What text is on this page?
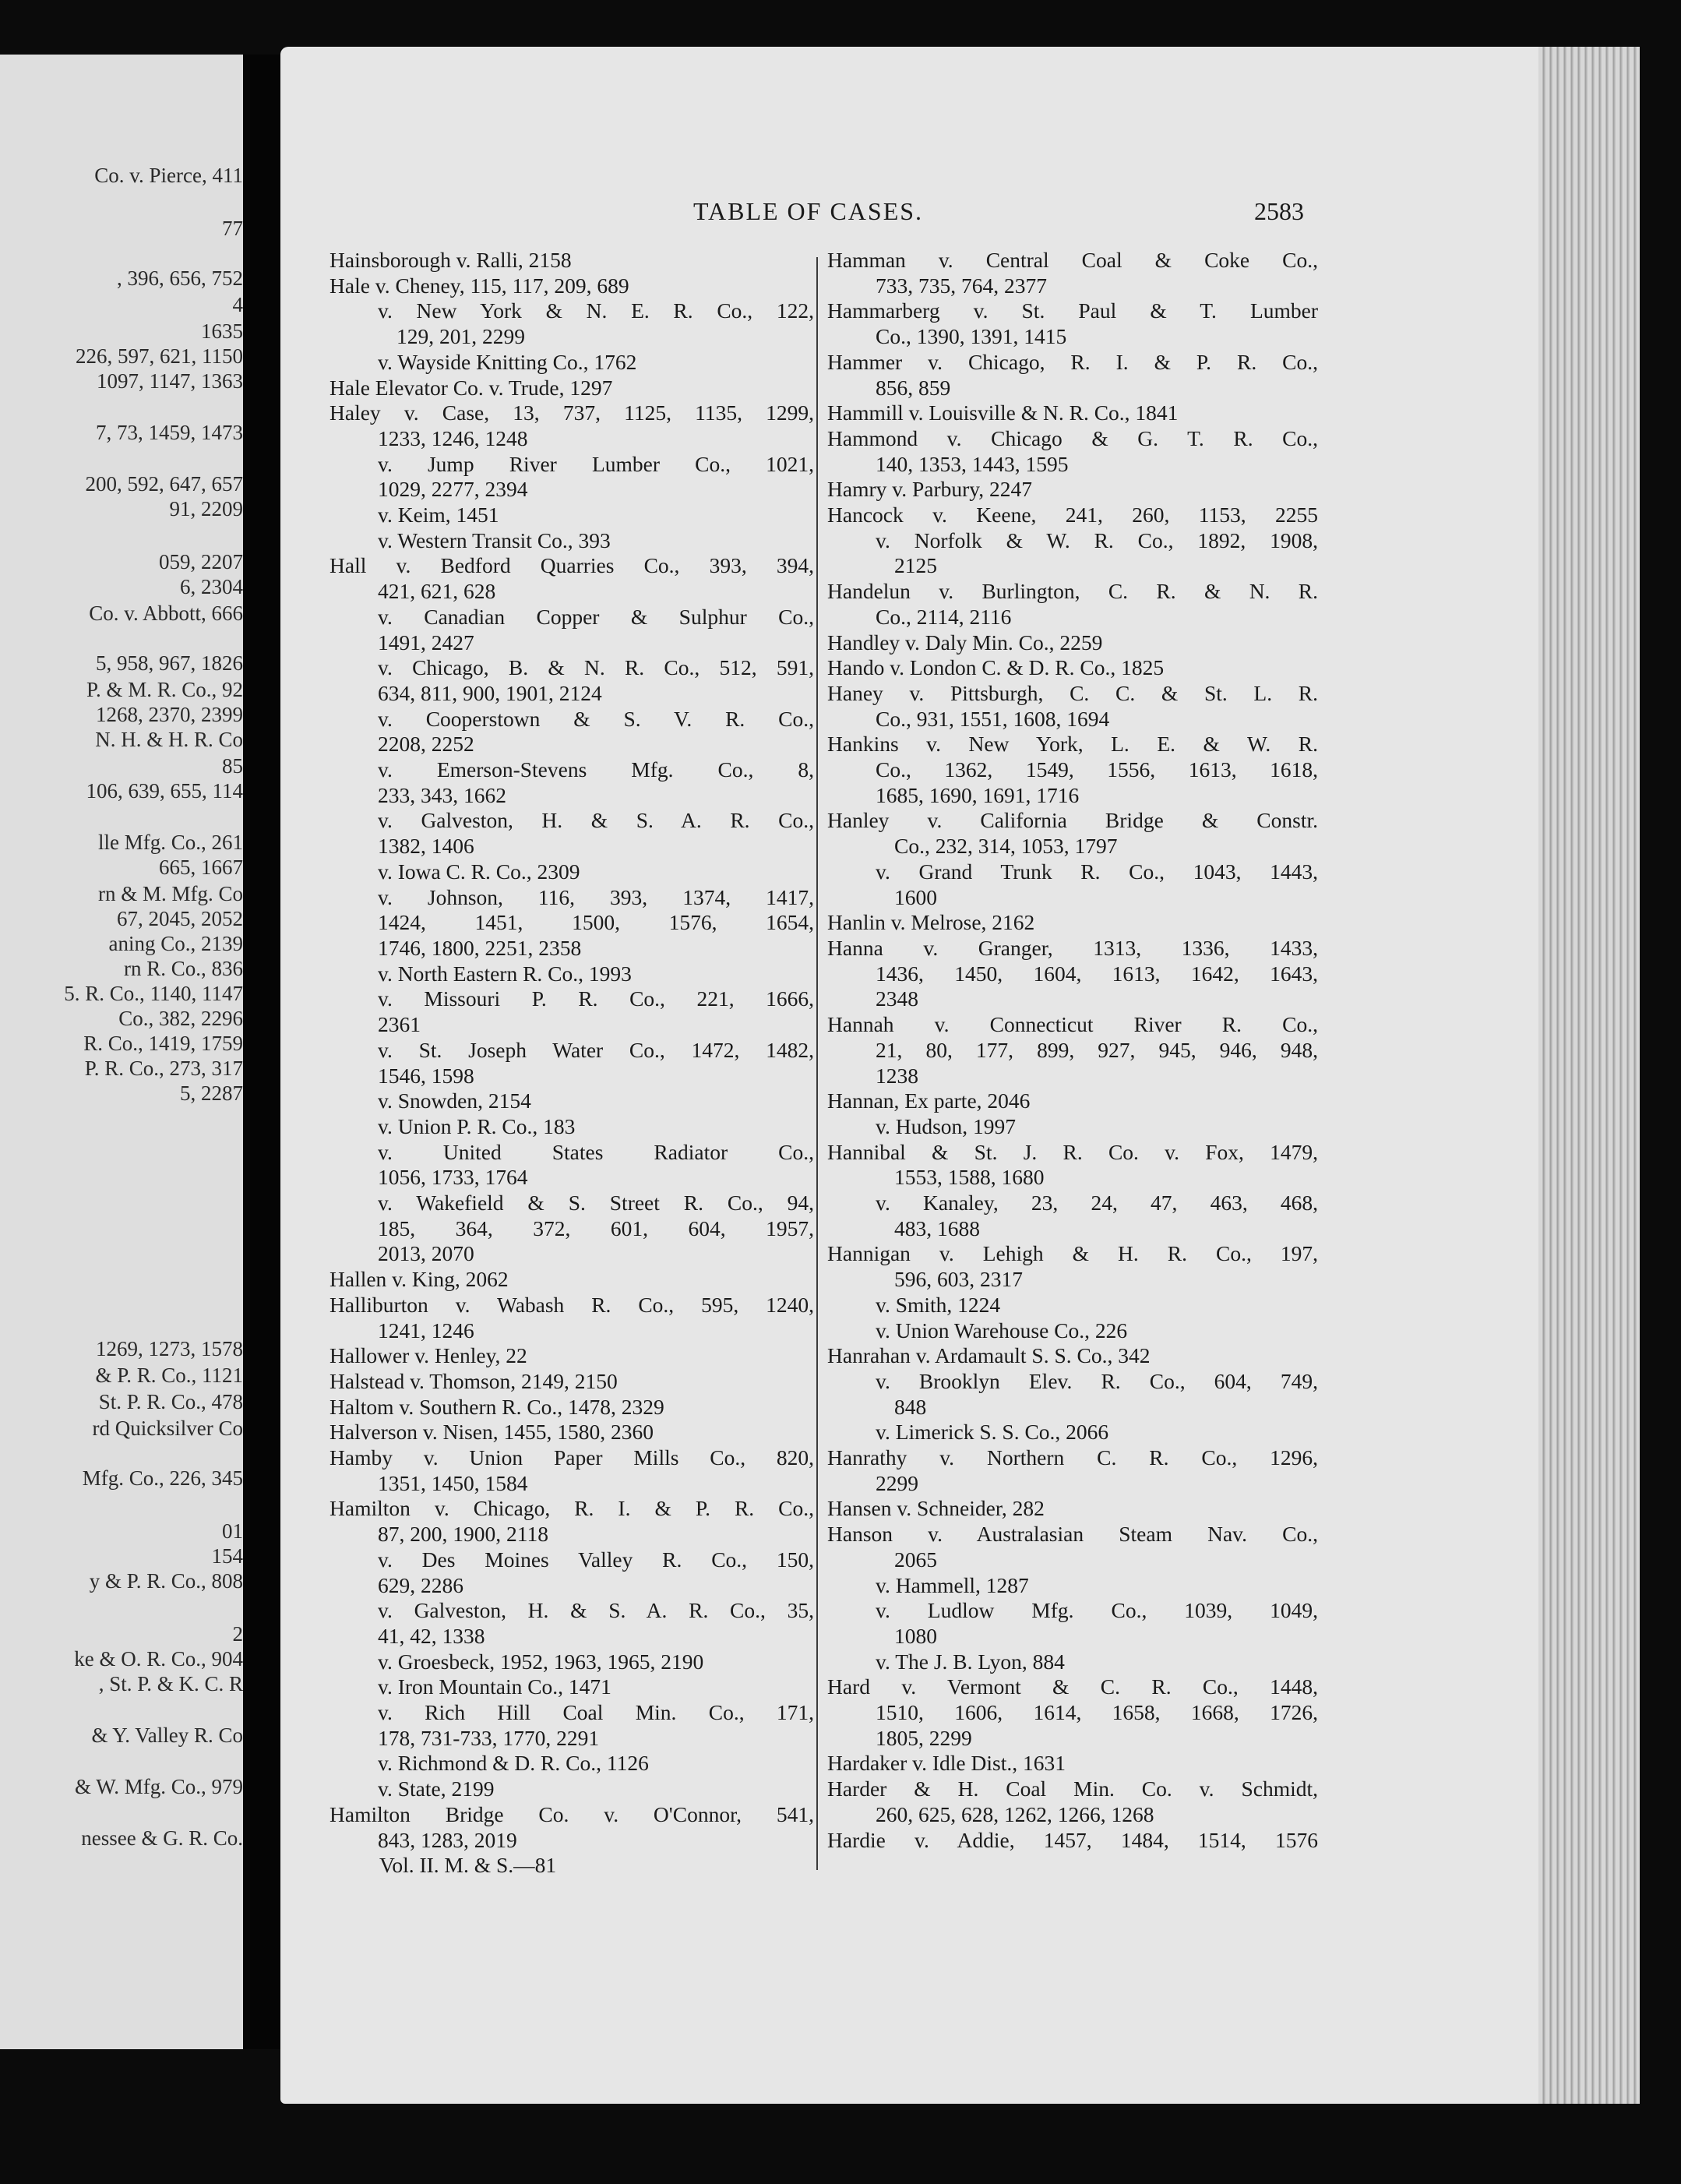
Co. v. Pierce, 411
77
, 396, 656, 752
4
1635
226, 597, 621, 1150
1097, 1147, 1363
7, 73, 1459, 1473
200, 592, 647, 657
91, 2209
059, 2207
6, 2304
Co. v. Abbott, 666
5, 958, 967, 1826
P. & M. R. Co., 92
1268, 2370, 2399
N. H. & H. R. Co
85
106, 639, 655, 114
lle Mfg. Co., 261
665, 1667
rn & M. Mfg. Co
67, 2045, 2052
aning Co., 2139
rn R. Co., 836
5. R. Co., 1140, 1147
Co., 382, 2296
R. Co., 1419, 1759
P. R. Co., 273, 317
5, 2287
1269, 1273, 1578
& P. R. Co., 1121
St. P. R. Co., 478
rd Quicksilver Co
Mfg. Co., 226, 345
01
154
y & P. R. Co., 808
2
ke & O. R. Co., 904
, St. P. & K. C. R
& Y. Valley R. Co
& W. Mfg. Co., 979
nessee & G. R. Co.
TABLE OF CASES.	2583
Hainsborough v. Ralli, 2158
Hale v. Cheney, 115, 117, 209, 689
v. New York & N. E. R. Co., 122,
129, 201, 2299
v. Wayside Knitting Co., 1762
Hale Elevator Co. v. Trude, 1297
Haley v. Case, 13, 737, 1125, 1135, 1299,
1233, 1246, 1248
v. Jump River Lumber Co., 1021,
1029, 2277, 2394
v. Keim, 1451
v. Western Transit Co., 393
Hall v. Bedford Quarries Co., 393, 394,
421, 621, 628
v. Canadian Copper & Sulphur Co.,
1491, 2427
v. Chicago, B. & N. R. Co., 512, 591,
634, 811, 900, 1901, 2124
v. Cooperstown & S. V. R. Co.,
2208, 2252
v. Emerson-Stevens Mfg. Co., 8,
233, 343, 1662
v. Galveston, H. & S. A. R. Co.,
1382, 1406
v. Iowa C. R. Co., 2309
v. Johnson, 116, 393, 1374, 1417,
1424, 1451, 1500, 1576, 1654,
1746, 1800, 2251, 2358
v. North Eastern R. Co., 1993
v. Missouri P. R. Co., 221, 1666,
2361
v. St. Joseph Water Co., 1472, 1482,
1546, 1598
v. Snowden, 2154
v. Union P. R. Co., 183
v. United States Radiator Co.,
1056, 1733, 1764
v. Wakefield & S. Street R. Co., 94,
185, 364, 372, 601, 604, 1957,
2013, 2070
Hallen v. King, 2062
Halliburton v. Wabash R. Co., 595, 1240,
1241, 1246
Hallower v. Henley, 22
Halstead v. Thomson, 2149, 2150
Haltom v. Southern R. Co., 1478, 2329
Halverson v. Nisen, 1455, 1580, 2360
Hamby v. Union Paper Mills Co., 820,
1351, 1450, 1584
Hamilton v. Chicago, R. I. & P. R. Co.,
87, 200, 1900, 2118
v. Des Moines Valley R. Co., 150,
629, 2286
v. Galveston, H. & S. A. R. Co., 35,
41, 42, 1338
v. Groesbeck, 1952, 1963, 1965, 2190
v. Iron Mountain Co., 1471
v. Rich Hill Coal Min. Co., 171,
178, 731-733, 1770, 2291
v. Richmond & D. R. Co., 1126
v. State, 2199
Hamilton Bridge Co. v. O'Connor, 541,
843, 1283, 2019
Vol. II. M. & S.—81
Hamman v. Central Coal & Coke Co.,
733, 735, 764, 2377
Hammarberg v. St. Paul & T. Lumber
Co., 1390, 1391, 1415
Hammer v. Chicago, R. I. & P. R. Co.,
856, 859
Hammill v. Louisville & N. R. Co., 1841
Hammond v. Chicago & G. T. R. Co.,
140, 1353, 1443, 1595
Hamry v. Parbury, 2247
Hancock v. Keene, 241, 260, 1153, 2255
v. Norfolk & W. R. Co., 1892, 1908,
2125
Handelun v. Burlington, C. R. & N. R.
Co., 2114, 2116
Handley v. Daly Min. Co., 2259
Hando v. London C. & D. R. Co., 1825
Haney v. Pittsburgh, C. C. & St. L. R.
Co., 931, 1551, 1608, 1694
Hankins v. New York, L. E. & W. R.
Co., 1362, 1549, 1556, 1613, 1618,
1685, 1690, 1691, 1716
Hanley v. California Bridge & Constr.
Co., 232, 314, 1053, 1797
v. Grand Trunk R. Co., 1043, 1443,
1600
Hanlin v. Melrose, 2162
Hanna v. Granger, 1313, 1336, 1433,
1436, 1450, 1604, 1613, 1642, 1643,
2348
Hannah v. Connecticut River R. Co.,
21, 80, 177, 899, 927, 945, 946, 948,
1238
Hannan, Ex parte, 2046
v. Hudson, 1997
Hannibal & St. J. R. Co. v. Fox, 1479,
1553, 1588, 1680
v. Kanaley, 23, 24, 47, 463, 468,
483, 1688
Hannigan v. Lehigh & H. R. Co., 197,
596, 603, 2317
v. Smith, 1224
v. Union Warehouse Co., 226
Hanrahan v. Ardamault S. S. Co., 342
v. Brooklyn Elev. R. Co., 604, 749,
848
v. Limerick S. S. Co., 2066
Hanrathy v. Northern C. R. Co., 1296,
2299
Hansen v. Schneider, 282
Hanson v. Australasian Steam Nav. Co.,
2065
v. Hammell, 1287
v. Ludlow Mfg. Co., 1039, 1049,
1080
v. The J. B. Lyon, 884
Hard v. Vermont & C. R. Co., 1448,
1510, 1606, 1614, 1658, 1668, 1726,
1805, 2299
Hardaker v. Idle Dist., 1631
Harder & H. Coal Min. Co. v. Schmidt,
260, 625, 628, 1262, 1266, 1268
Hardie v. Addie, 1457, 1484, 1514, 1576
